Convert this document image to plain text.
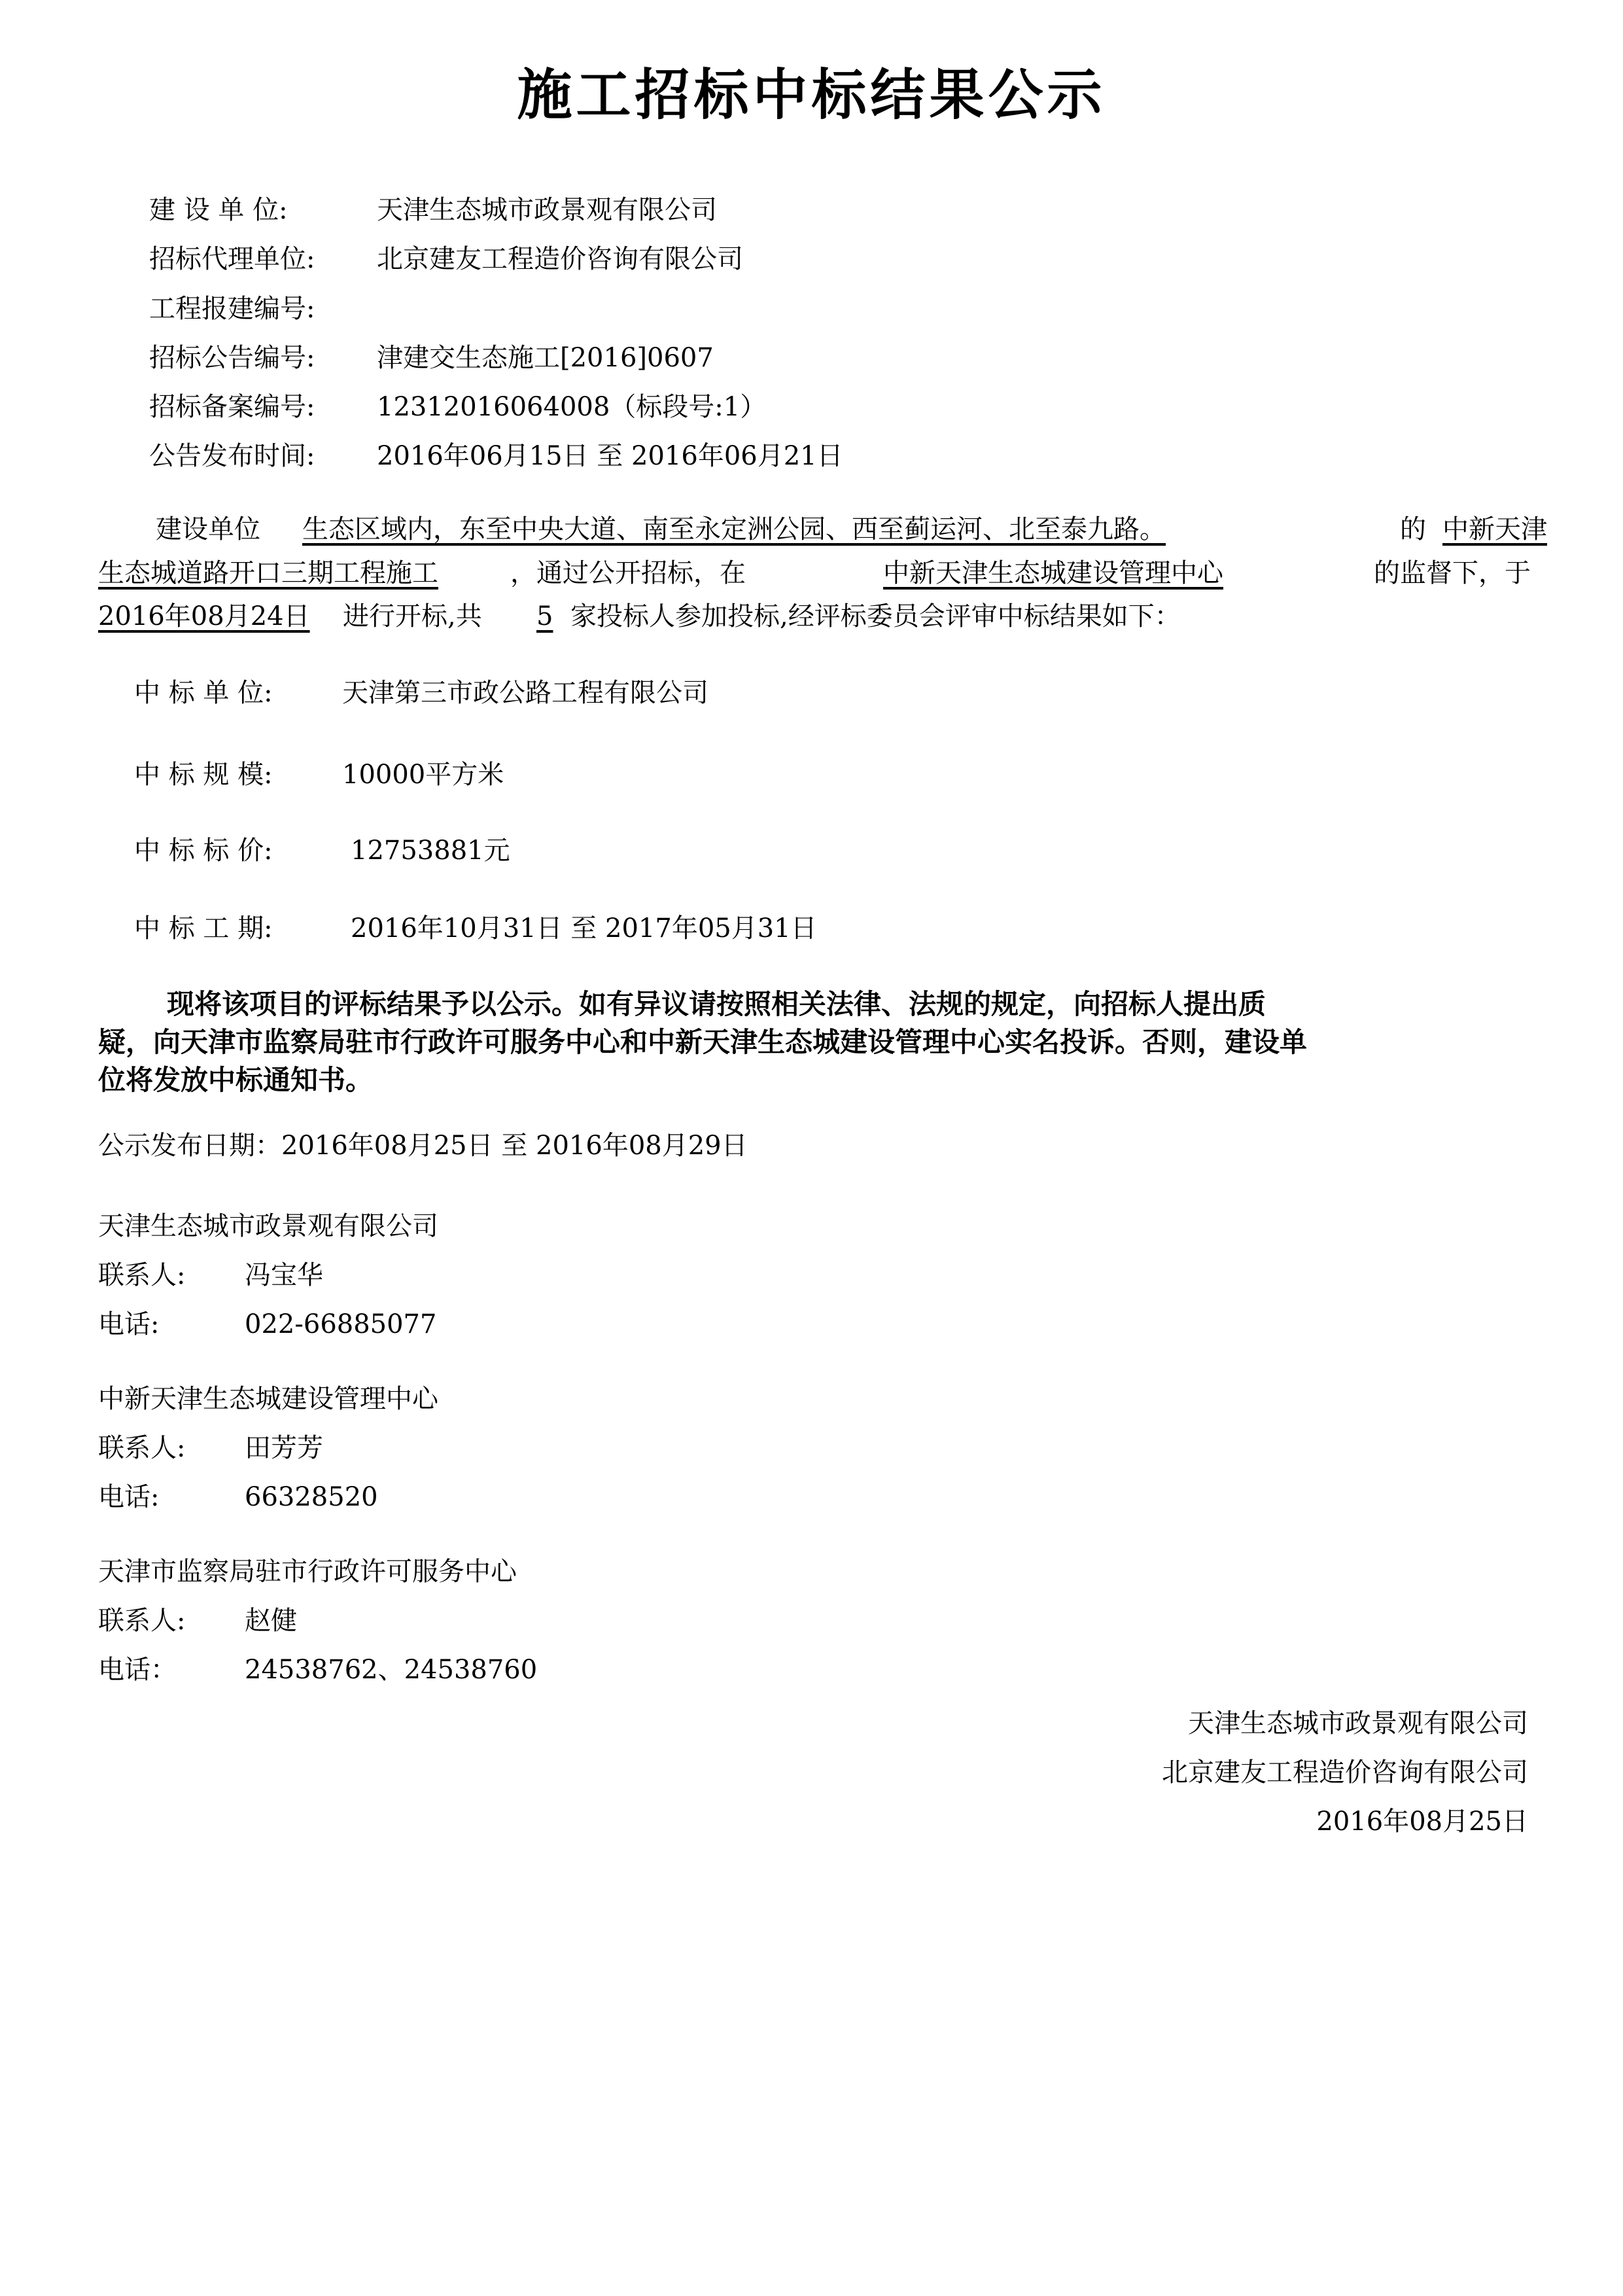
施工招标中标结果公示
建 设 单 位:	天津生态城市政景观有限公司
招标代理单位: 北京建友工程造价咨询有限公司
工程报建编号:
招标公告编号: 津建交生态施工[2016]0607
招标备案编号: 12312016064008（标段号:1）
公告发布时间: 2016年06月15日 至 2016年06月21日
建设单位 生态区域内，东至中央大道、南至永定洲公园、西至蓟运河、北至泰九路。	的 中新天津
生态城道路开口三期工程施工	，通过公开招标，在	中新天津生态城建设管理中心	的监督下，于
2016年08月24日 进行开标,共 5 家投标人参加投标,经评标委员会评审中标结果如下：
中 标 单 位:	天津第三市政公路工程有限公司
中 标 规 模:	10000平方米
中 标 标 价:	12753881元
中 标 工 期:	2016年10月31日 至 2017年05月31日
现将该项目的评标结果予以公示。如有异议请按照相关法律、法规的规定，向招标人提出质
疑，向天津市监察局驻市行政许可服务中心和中新天津生态城建设管理中心实名投诉。否则，建设单
位将发放中标通知书。
公示发布日期：2016年08月25日 至 2016年08月29日
天津生态城市政景观有限公司
联系人: 冯宝华
电话:	022-66885077
中新天津生态城建设管理中心
联系人: 田芳芳
电话:	66328520
天津市监察局驻市行政许可服务中心
联系人: 赵健
电话：	24538762、24538760
天津生态城市政景观有限公司
北京建友工程造价咨询有限公司
2016年08月25日
